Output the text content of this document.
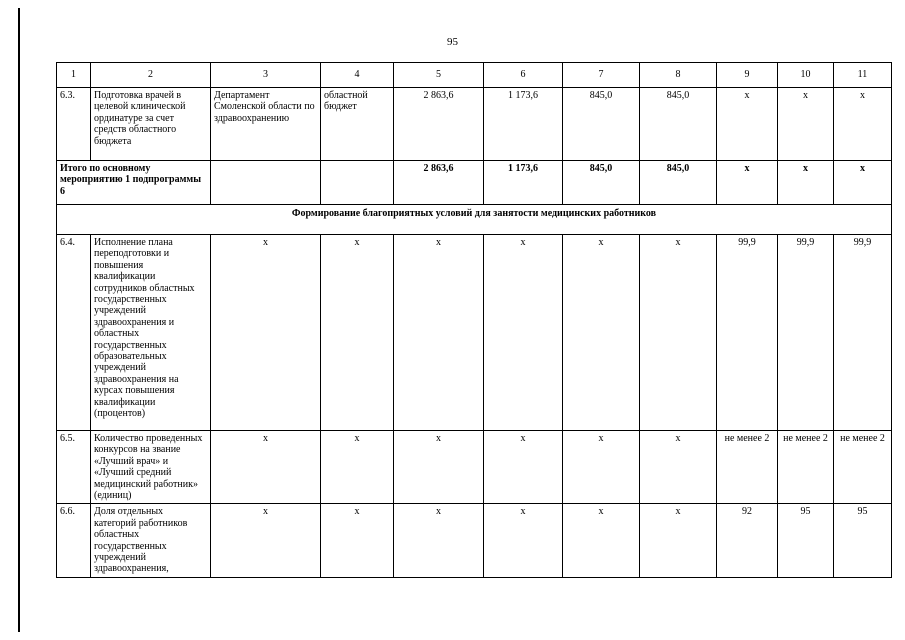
95
1	2	3	4	5	6	7	8	9	10	11
6.3.	Подготовка врачей в целевой клинической ординатуре за счет средств областного бюджета	Департамент Смоленской области по здравоохранению	областной бюджет	2 863,6	1 173,6	845,0	845,0	х	х	х
Итого по основному мероприятию 1 подпрограммы 6				2 863,6	1 173,6	845,0	845,0	х	х	х
Формирование благоприятных условий для занятости медицинских работников										
6.4.	Исполнение плана переподготовки и повышения квалификации сотрудников областных государственных учреждений здравоохранения и областных государственных образовательных учреждений здравоохранения на курсах повышения квалификации (процентов)	х	х	х	х	х	х	99,9	99,9	99,9
6.5.	Количество проведенных конкурсов на звание «Лучший врач» и «Лучший средний медицинский работник» (единиц)	х	х	х	х	х	х	не менее 2	не менее 2	не менее 2
6.6.	Доля отдельных категорий работников областных государственных учреждений здравоохранения,	х	х	х	х	х	х	92	95	95
